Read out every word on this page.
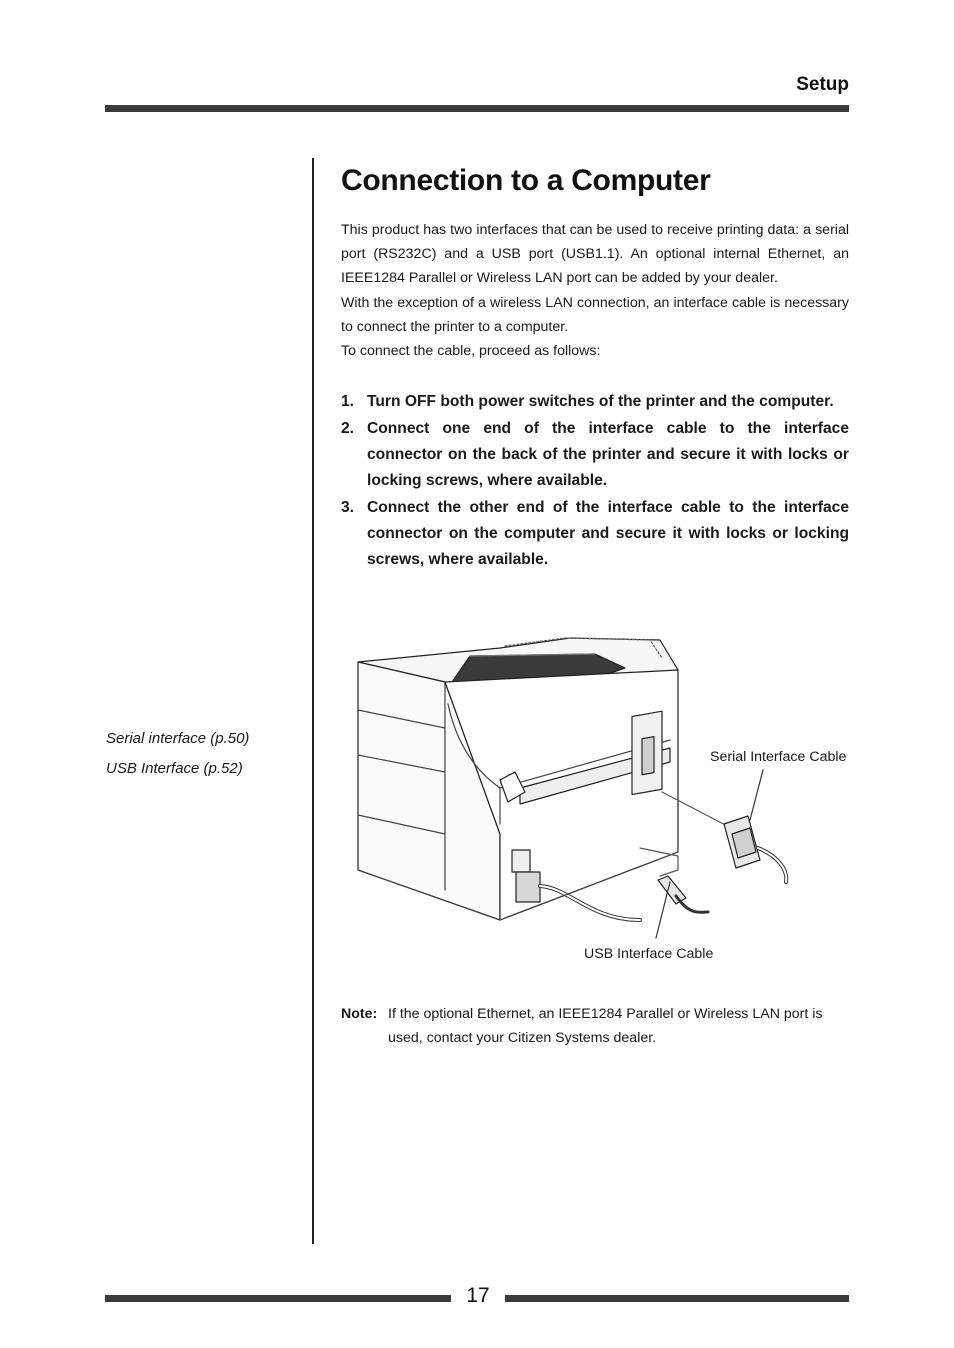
Setup
Serial interface (p.50)
USB Interface (p.52)
Connection to a Computer

This product has two interfaces that can be used to receive printing data: a serial port (RS232C) and a USB port (USB1.1). An optional internal Ethernet, an IEEE1284 Parallel or Wireless LAN port can be added by your dealer.

With the exception of a wireless LAN connection, an interface cable is necessary to connect the printer to a computer.

To connect the cable, proceed as follows:

1. Turn OFF both power switches of the printer and the computer.
2. Connect one end of the interface cable to the interface connector on the back of the printer and secure it with locks or locking screws, where available.
3. Connect the other end of the interface cable to the interface connector on the computer and secure it with locks or locking screws, where available.
Serial Interface Cable
USB Interface Cable
Note: If the optional Ethernet, an IEEE1284 Parallel or Wireless LAN port is used, contact your Citizen Systems dealer.
17
